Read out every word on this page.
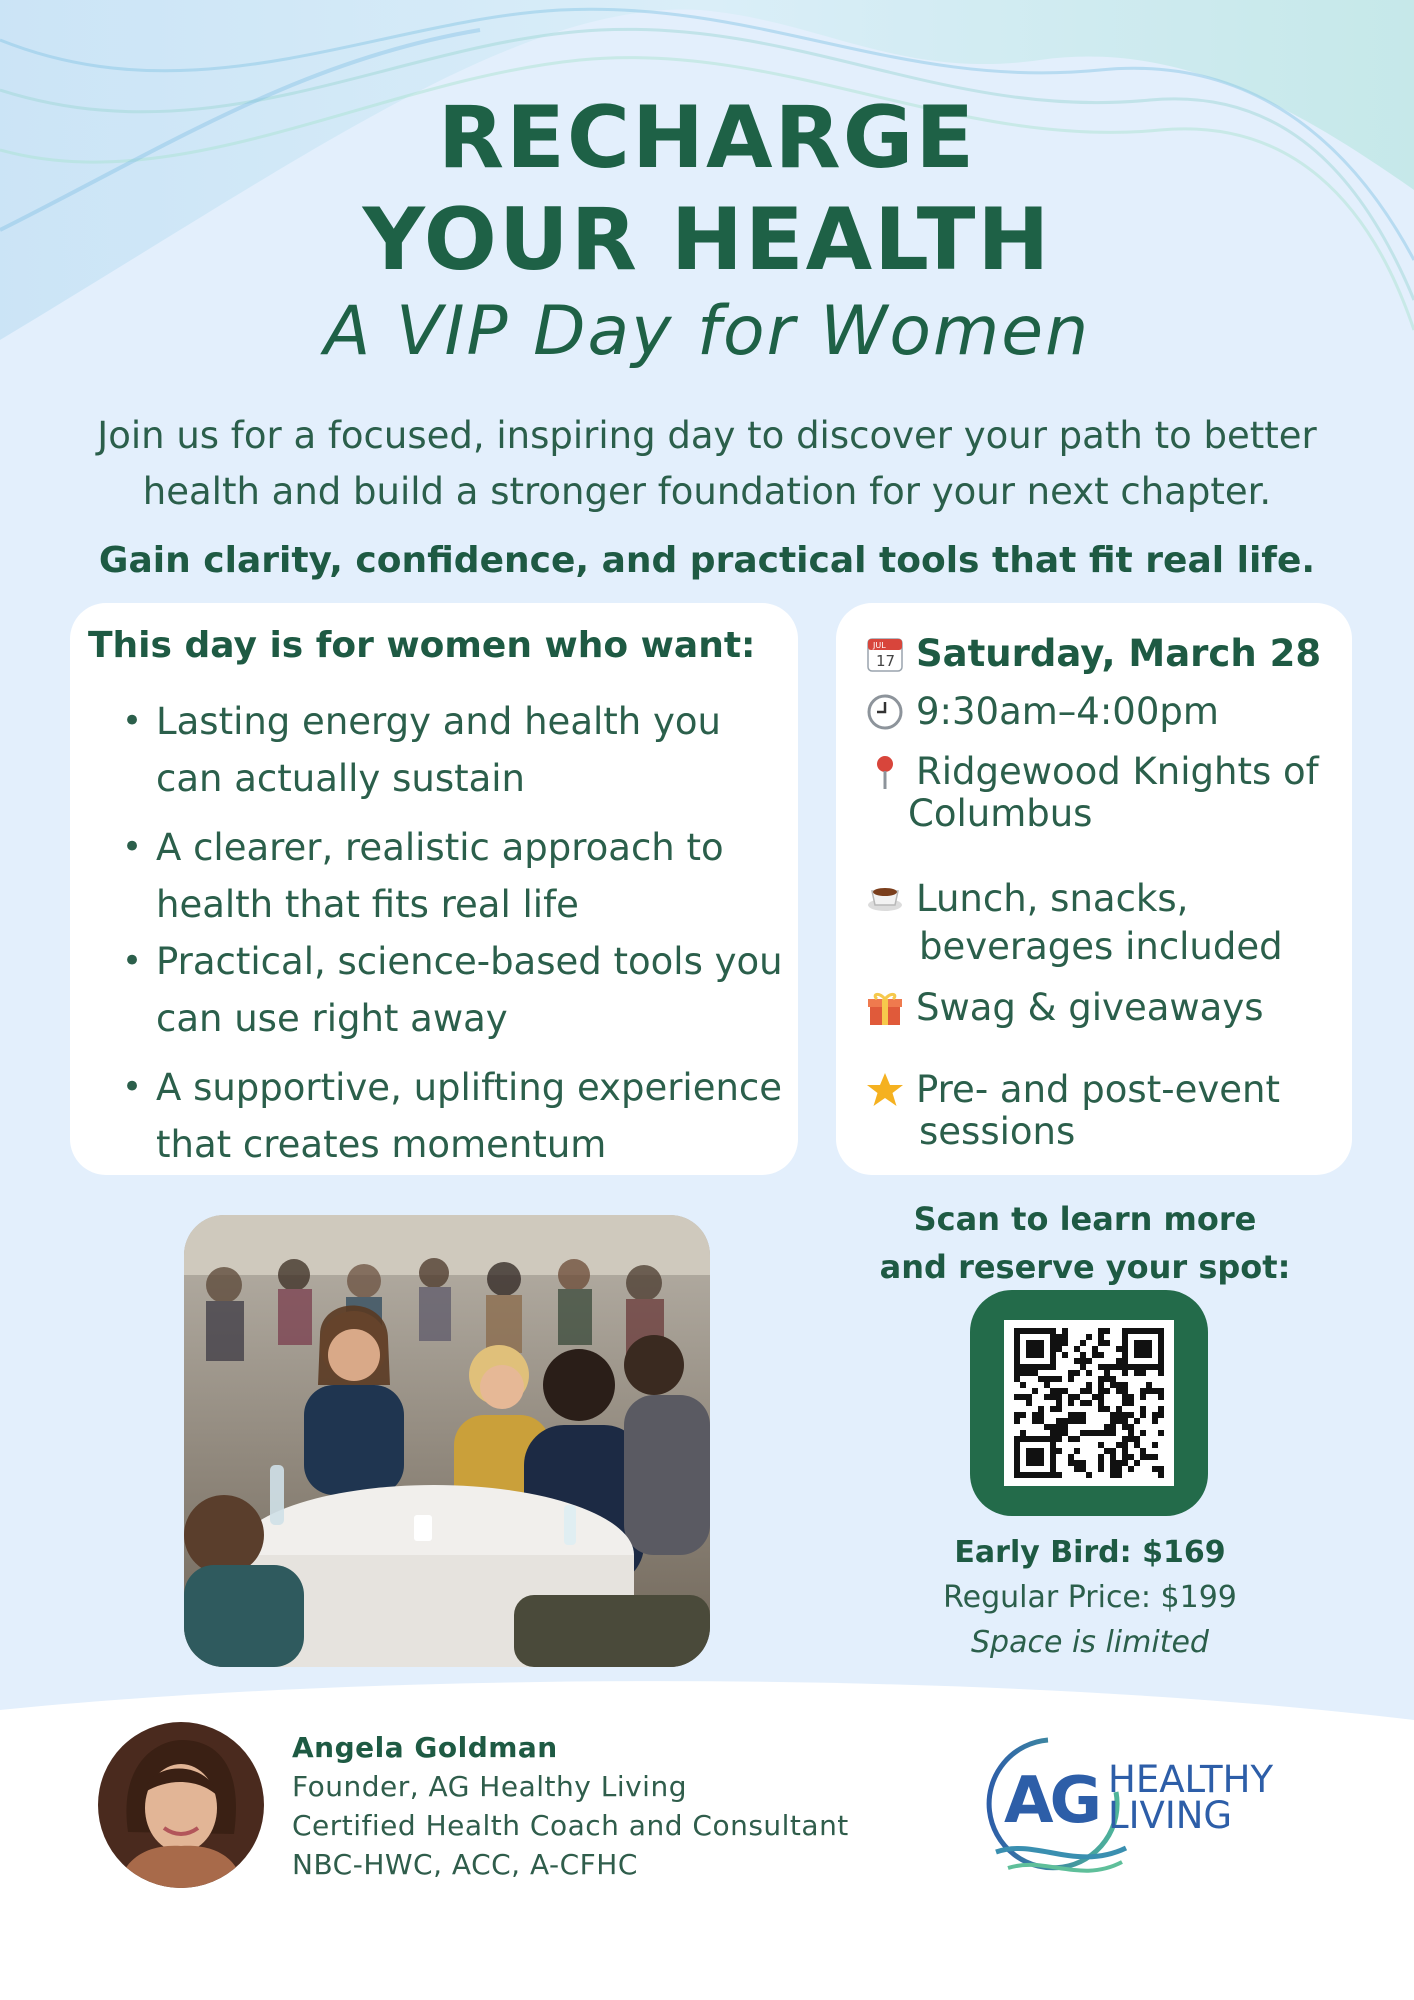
RECHARGE
YOUR HEALTH
A VIP Day for Women
Join us for a focused, inspiring day to discover your path to better
health and build a stronger foundation for your next chapter.
Gain clarity, confidence, and practical tools that fit real life.
This day is for women who want:
• Lasting energy and health you
can actually sustain
• A clearer, realistic approach to
health that fits real life
• Practical, science-based tools you
can use right away
• A supportive, uplifting experience
that creates momentum
JUL
17 Saturday, March 28
9:30am–4:00pm
Ridgewood Knights of
Columbus
Lunch, snacks,
beverages included
Swag & giveaways
Pre- and post-event
sessions
Scan to learn more
and reserve your spot:
Early Bird: $169
Regular Price: $199
Space is limited
Angela Goldman
Founder, AG Healthy Living
Certified Health Coach and Consultant
NBC-HWC, ACC, A-CFHC
AG HEALTHY
LIVING
